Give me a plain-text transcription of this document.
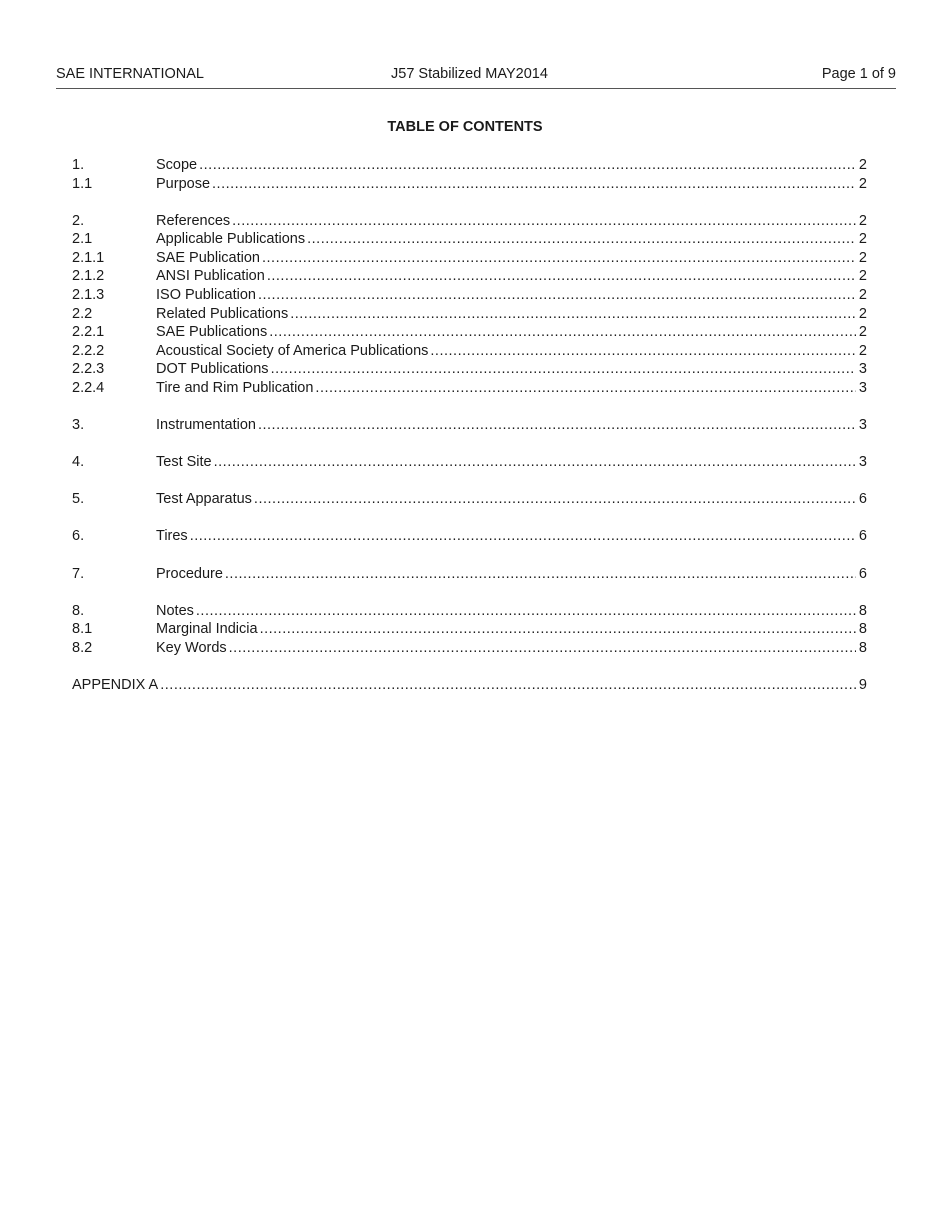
SAE INTERNATIONAL	J57 Stabilized MAY2014	Page 1 of 9
TABLE OF CONTENTS
1.	Scope .....	2
1.1	Purpose .....	2
2.	References .....	2
2.1	Applicable Publications .....	2
2.1.1	SAE Publication .....	2
2.1.2	ANSI Publication .....	2
2.1.3	ISO Publication .....	2
2.2	Related Publications .....	2
2.2.1	SAE Publications .....	2
2.2.2	Acoustical Society of America Publications .....	2
2.2.3	DOT Publications .....	3
2.2.4	Tire and Rim Publication .....	3
3.	Instrumentation .....	3
4.	Test Site .....	3
5.	Test Apparatus .....	6
6.	Tires .....	6
7.	Procedure .....	6
8.	Notes .....	8
8.1	Marginal Indicia .....	8
8.2	Key Words .....	8
APPENDIX A .....	9
